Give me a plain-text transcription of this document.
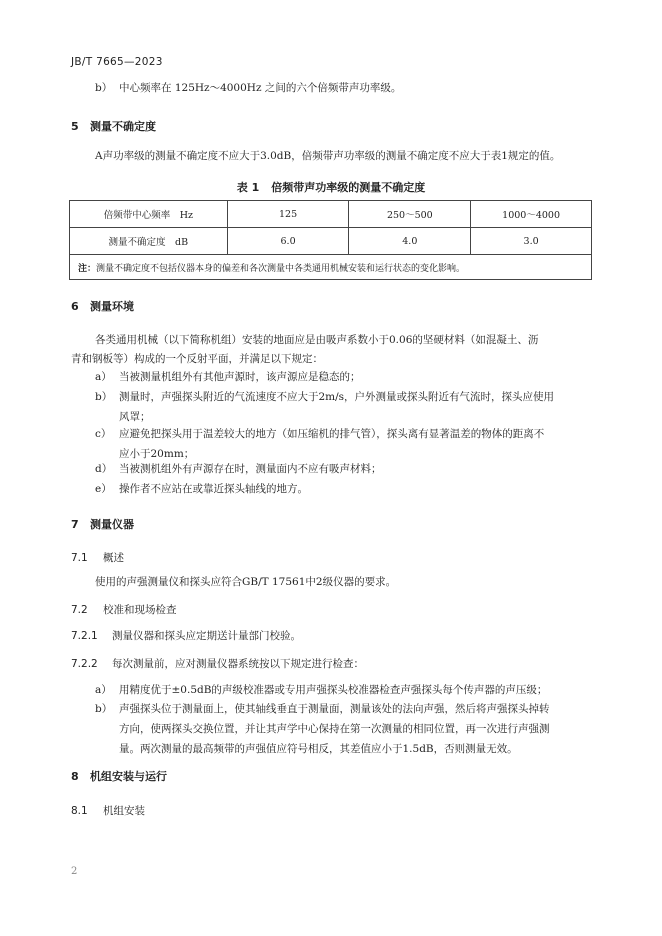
JB/T 7665—2023
b） 中心频率在 125Hz～4000Hz 之间的六个倍频带声功率级。
5 测量不确定度
A声功率级的测量不确定度不应大于3.0dB，倍频带声功率级的测量不确定度不应大于表1规定的值。
表 1 倍频带声功率级的测量不确定度
倍频带中心频率　Hz	125	250～500	1000～4000
测量不确定度　dB	6.0	4.0	3.0
注：测量不确定度不包括仪器本身的偏差和各次测量中各类通用机械安装和运行状态的变化影响。			
6 测量环境
各类通用机械（以下简称机组）安装的地面应是由吸声系数小于0.06的坚硬材料（如混凝土、沥
青和钢板等）构成的一个反射平面，并满足以下规定：
a） 当被测量机组外有其他声源时，该声源应是稳态的；
b） 测量时，声强探头附近的气流速度不应大于2m/s，户外测量或探头附近有气流时，探头应使用
风罩；
c） 应避免把探头用于温差较大的地方（如压缩机的排气管），探头离有显著温差的物体的距离不
应小于20mm；
d） 当被测机组外有声源存在时，测量面内不应有吸声材料；
e） 操作者不应站在或靠近探头轴线的地方。
7 测量仪器
7.1 概述
使用的声强测量仪和探头应符合GB/T 17561中2级仪器的要求。
7.2 校准和现场检查
7.2.1 测量仪器和探头应定期送计量部门校验。
7.2.2 每次测量前，应对测量仪器系统按以下规定进行检查：
a） 用精度优于±0.5dB的声级校准器或专用声强探头校准器检查声强探头每个传声器的声压级；
b） 声强探头位于测量面上，使其轴线垂直于测量面，测量该处的法向声强，然后将声强探头掉转
方向，使两探头交换位置，并让其声学中心保持在第一次测量的相同位置，再一次进行声强测
量。两次测量的最高频带的声强值应符号相反，其差值应小于1.5dB，否则测量无效。
8 机组安装与运行
8.1 机组安装
2
